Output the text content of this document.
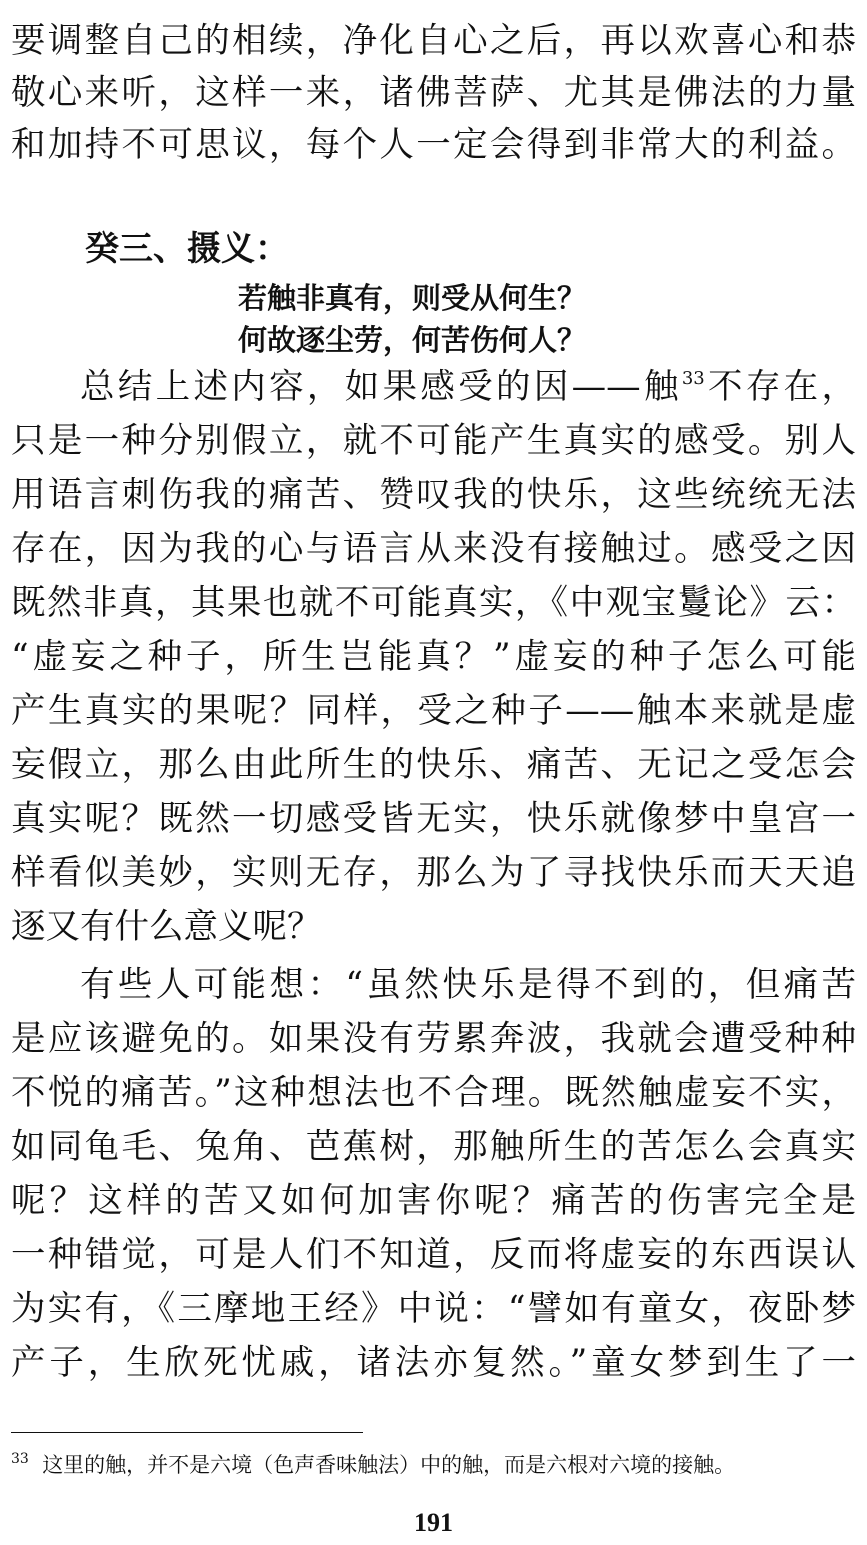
要调整自己的相续，净化自心之后，再以欢喜心和恭
敬心来听，这样一来，诸佛菩萨、尤其是佛法的力量
和加持不可思议，每个人一定会得到非常大的利益。
癸三、摄义：
若触非真有，则受从何生？
何故逐尘劳，何苦伤何人？
总结上述内容，如果感受的因——触$^{33}$不存在，
只是一种分别假立，就不可能产生真实的感受。别人
用语言刺伤我的痛苦、赞叹我的快乐，这些统统无法
存在，因为我的心与语言从来没有接触过。感受之因
既然非真，其果也就不可能真实，《中观宝鬘论》云：
“虚妄之种子，所生岂能真？”虚妄的种子怎么可能
产生真实的果呢？同样，受之种子——触本来就是虚
妄假立，那么由此所生的快乐、痛苦、无记之受怎会
真实呢？既然一切感受皆无实，快乐就像梦中皇宫一
样看似美妙，实则无存，那么为了寻找快乐而天天追
逐又有什么意义呢？
有些人可能想：“虽然快乐是得不到的，但痛苦
是应该避免的。如果没有劳累奔波，我就会遭受种种
不悦的痛苦。”这种想法也不合理。既然触虚妄不实，
如同龟毛、兔角、芭蕉树，那触所生的苦怎么会真实
呢？这样的苦又如何加害你呢？痛苦的伤害完全是
一种错觉，可是人们不知道，反而将虚妄的东西误认
为实有，《三摩地王经》中说：“譬如有童女，夜卧梦
产子，生欣死忧戚，诸法亦复然。”童女梦到生了一
$^{33}$ 这里的触，并不是六境（色声香味触法）中的触，而是六根对六境的接触。
191
